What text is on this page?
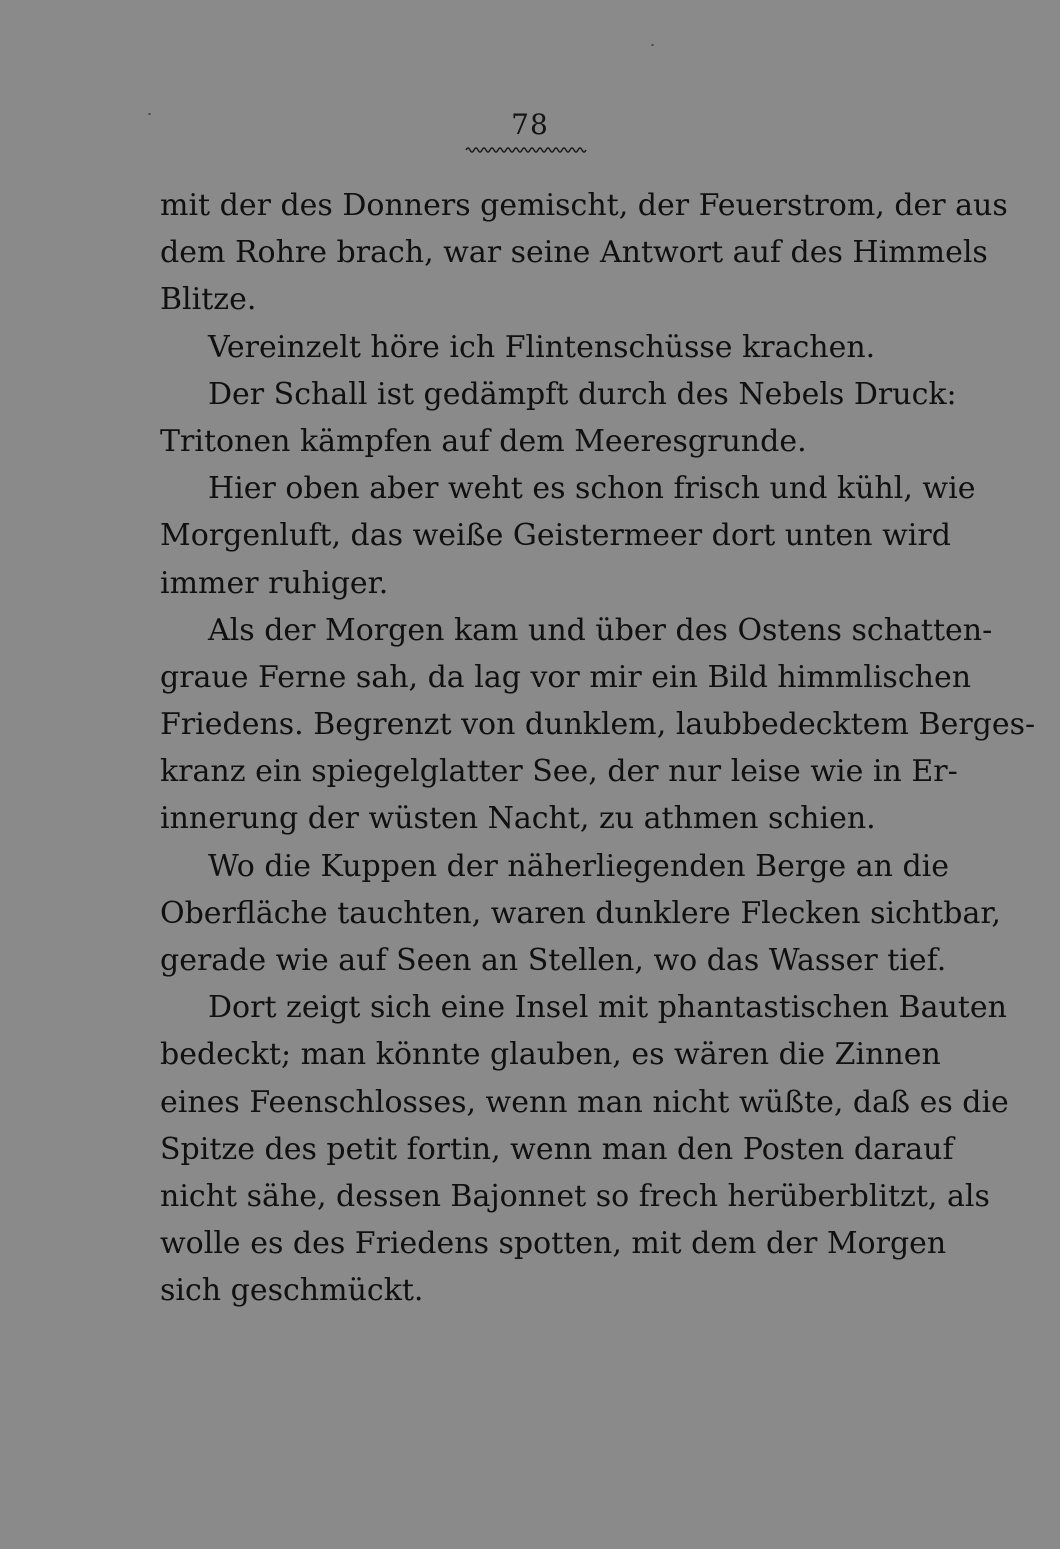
78
mit der des Donners gemischt, der Feuerstrom, der aus
dem Rohre brach, war seine Antwort auf des Himmels
Blitze.
Vereinzelt höre ich Flintenschüsse krachen.
Der Schall ist gedämpft durch des Nebels Druck:
Tritonen kämpfen auf dem Meeresgrunde.
Hier oben aber weht es schon frisch und kühl, wie
Morgenluft, das weiße Geistermeer dort unten wird
immer ruhiger.
Als der Morgen kam und über des Ostens schatten-
graue Ferne sah, da lag vor mir ein Bild himmlischen
Friedens. Begrenzt von dunklem, laubbedecktem Berges-
kranz ein spiegelglatter See, der nur leise wie in Er-
innerung der wüsten Nacht, zu athmen schien.
Wo die Kuppen der näherliegenden Berge an die
Oberfläche tauchten, waren dunklere Flecken sichtbar,
gerade wie auf Seen an Stellen, wo das Wasser tief.
Dort zeigt sich eine Insel mit phantastischen Bauten
bedeckt; man könnte glauben, es wären die Zinnen
eines Feenschlosses, wenn man nicht wüßte, daß es die
Spitze des petit fortin, wenn man den Posten darauf
nicht sähe, dessen Bajonnet so frech herüberblitzt, als
wolle es des Friedens spotten, mit dem der Morgen
sich geschmückt.
